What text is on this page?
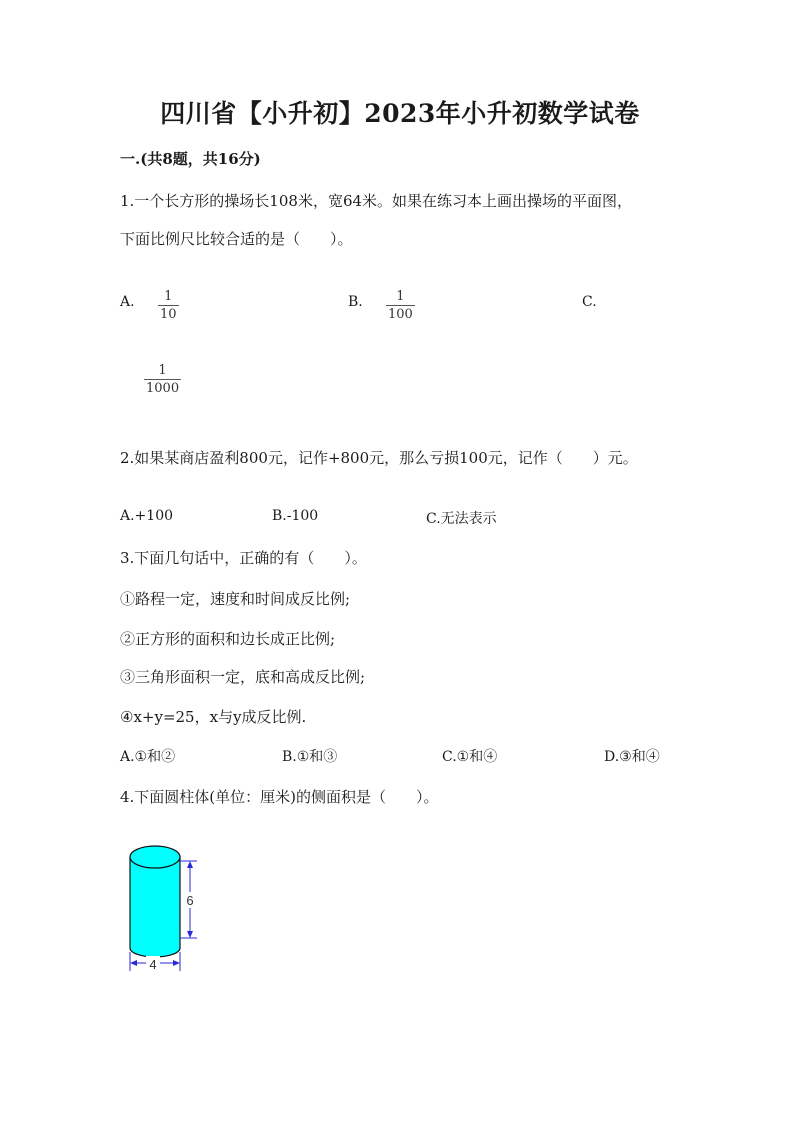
四川省【小升初】2023年小升初数学试卷
一.(共8题，共16分)
1.一个长方形的操场长108米，宽64米。如果在练习本上画出操场的平面图，
下面比例尺比较合适的是（　　）。
A. 1
10
B.	1
100
C.
1
1000
2.如果某商店盈利800元，记作+800元，那么亏损100元，记作（　　）元。
A.+100	B.-100	C.无法表示
3.下面几句话中，正确的有（　　）。
①路程一定，速度和时间成反比例;
②正方形的面积和边长成正比例;
③三角形面积一定，底和高成反比例;
④x+y=25，x与y成反比例.
A.①和②	B.①和③	C.①和④	D.③和④
4.下面圆柱体(单位：厘米)的侧面积是（　　）。
6
4
